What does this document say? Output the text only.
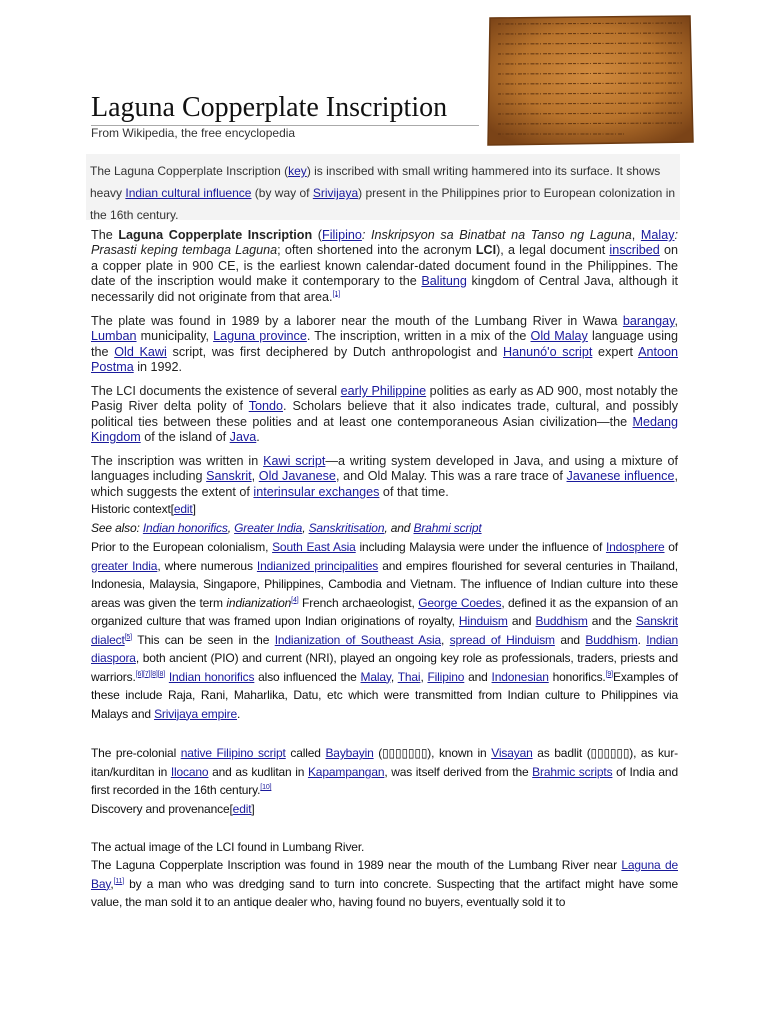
Laguna Copperplate Inscription
From Wikipedia, the free encyclopedia
The Laguna Copperplate Inscription (key) is inscribed with small writing hammered into its surface. It shows heavy Indian cultural influence (by way of Srivijaya) present in the Philippines prior to European colonization in the 16th century.
The Laguna Copperplate Inscription (Filipino: Inskripsyon sa Binatbat na Tanso ng Laguna, Malay: Prasasti keping tembaga Laguna; often shortened into the acronym LCI), a legal document inscribed on a copper plate in 900 CE, is the earliest known calendar-dated document found in the Philippines. The date of the inscription would make it contemporary to the Balitung kingdom of Central Java, although it necessarily did not originate from that area.[1]
The plate was found in 1989 by a laborer near the mouth of the Lumbang River in Wawa barangay, Lumban municipality, Laguna province. The inscription, written in a mix of the Old Malay language using the Old Kawi script, was first deciphered by Dutch anthropologist and Hanunó'o script expert Antoon Postma in 1992.
The LCI documents the existence of several early Philippine polities as early as AD 900, most notably the Pasig River delta polity of Tondo. Scholars believe that it also indicates trade, cultural, and possibly political ties between these polities and at least one contemporaneous Asian civilization—the Medang Kingdom of the island of Java.
The inscription was written in Kawi script—a writing system developed in Java, and using a mixture of languages including Sanskrit, Old Javanese, and Old Malay. This was a rare trace of Javanese influence, which suggests the extent of interinsular exchanges of that time.
Historic context[edit]
See also: Indian honorifics, Greater India, Sanskritisation, and Brahmi script
Prior to the European colonialism, South East Asia including Malaysia were under the influence of Indosphere of greater India, where numerous Indianized principalities and empires flourished for several centuries in Thailand, Indonesia, Malaysia, Singapore, Philippines, Cambodia and Vietnam. The influence of Indian culture into these areas was given the term indianization[4] French archaeologist, George Coedes, defined it as the expansion of an organized culture that was framed upon Indian originations of royalty, Hinduism and Buddhism and the Sanskrit dialect[5] This can be seen in the Indianization of Southeast Asia, spread of Hinduism and Buddhism. Indian diaspora, both ancient (PIO) and current (NRI), played an ongoing key role as professionals, traders, priests and warriors.[6][7][8][8] Indian honorifics also influenced the Malay, Thai, Filipino and Indonesian honorifics.[9]Examples of these include Raja, Rani, Maharlika, Datu, etc which were transmitted from Indian culture to Philippines via Malays and Srivijaya empire.
The pre-colonial native Filipino script called Baybayin (▯▯▯▯▯▯▯), known in Visayan as badlit (▯▯▯▯▯▯), as kur-itan/kurditan in Ilocano and as kudlitan in Kapampangan, was itself derived from the Brahmic scripts of India and first recorded in the 16th century.[10]
Discovery and provenance[edit]
The actual image of the LCI found in Lumbang River.
The Laguna Copperplate Inscription was found in 1989 near the mouth of the Lumbang River near Laguna de Bay,[11] by a man who was dredging sand to turn into concrete. Suspecting that the artifact might have some value, the man sold it to an antique dealer who, having found no buyers, eventually sold it to
